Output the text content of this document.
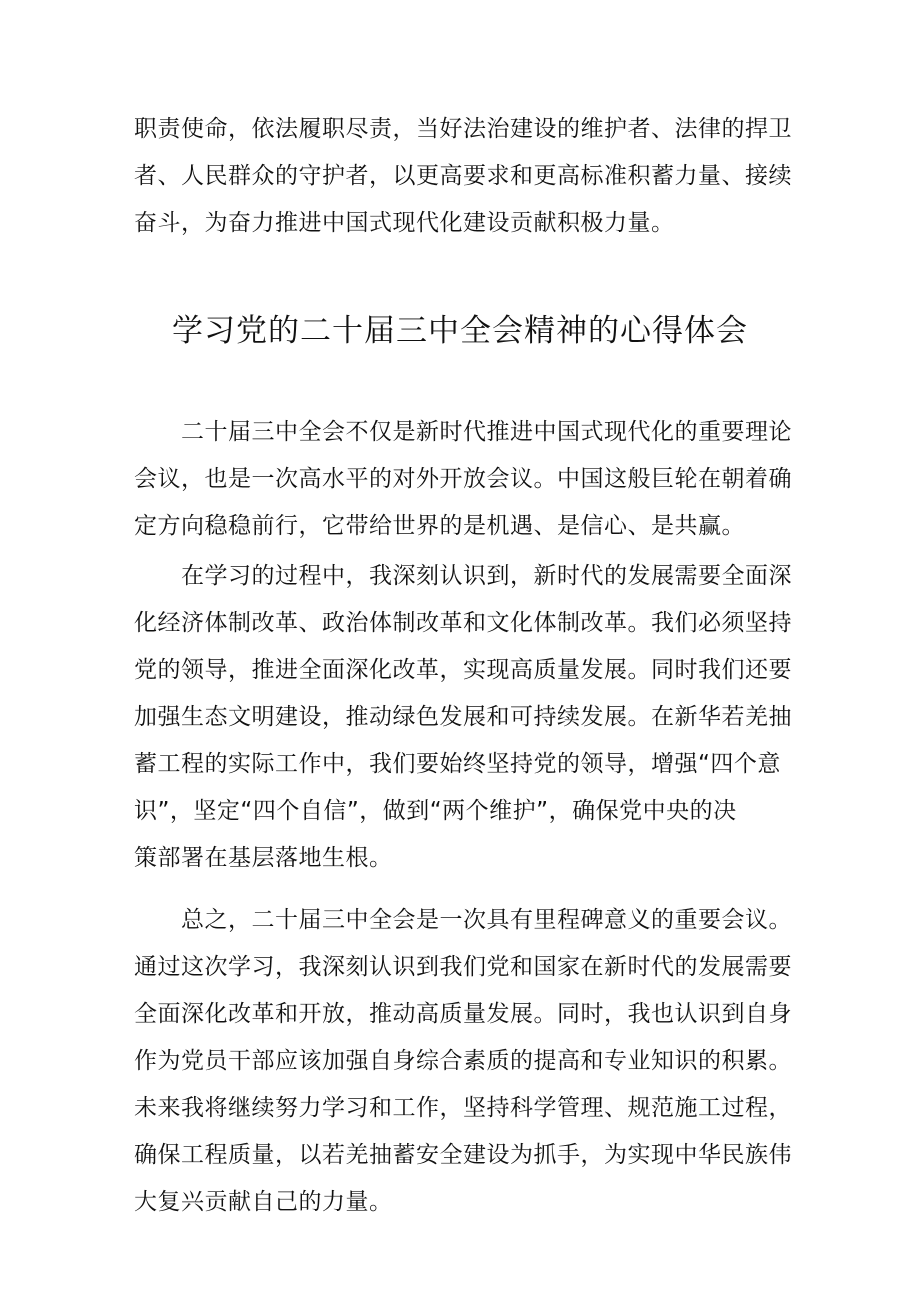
职责使命，依法履职尽责，当好法治建设的维护者、法律的捍卫
者、人民群众的守护者，以更高要求和更高标准积蓄力量、接续
奋斗，为奋力推进中国式现代化建设贡献积极力量。
学习党的二十届三中全会精神的心得体会
二十届三中全会不仅是新时代推进中国式现代化的重要理论
会议，也是一次高水平的对外开放会议。中国这般巨轮在朝着确
定方向稳稳前行，它带给世界的是机遇、是信心、是共赢。
在学习的过程中，我深刻认识到，新时代的发展需要全面深
化经济体制改革、政治体制改革和文化体制改革。我们必须坚持
党的领导，推进全面深化改革，实现高质量发展。同时我们还要
加强生态文明建设，推动绿色发展和可持续发展。在新华若羌抽
蓄工程的实际工作中，我们要始终坚持党的领导，增强“四个意
识”，坚定“四个自信”，做到“两个维护”，确保党中央的决
策部署在基层落地生根。
总之，二十届三中全会是一次具有里程碑意义的重要会议。
通过这次学习，我深刻认识到我们党和国家在新时代的发展需要
全面深化改革和开放，推动高质量发展。同时，我也认识到自身
作为党员干部应该加强自身综合素质的提高和专业知识的积累。
未来我将继续努力学习和工作，坚持科学管理、规范施工过程，
确保工程质量，以若羌抽蓄安全建设为抓手，为实现中华民族伟
大复兴贡献自己的力量。
